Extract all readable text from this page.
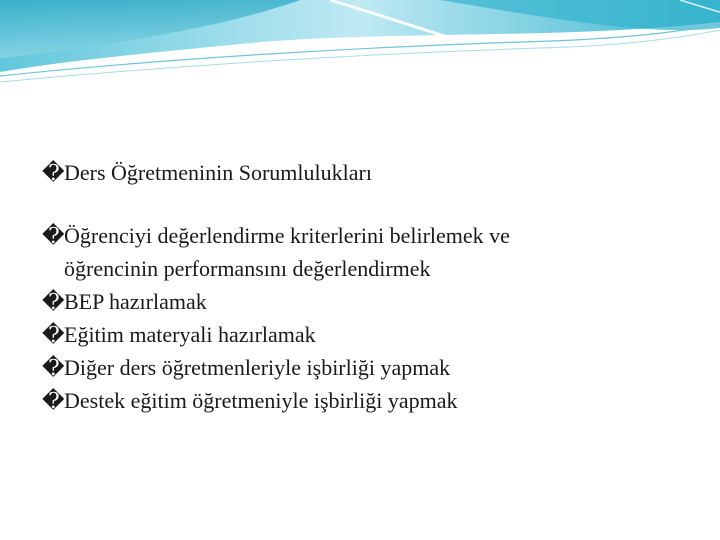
�Ders Öğretmeninin Sorumlulukları
�Öğrenciyi değerlendirme kriterlerini belirlemek ve
öğrencinin performansını değerlendirmek
�BEP hazırlamak
�Eğitim materyali hazırlamak
�Diğer ders öğretmenleriyle işbirliği yapmak
�Destek eğitim öğretmeniyle işbirliği yapmak
